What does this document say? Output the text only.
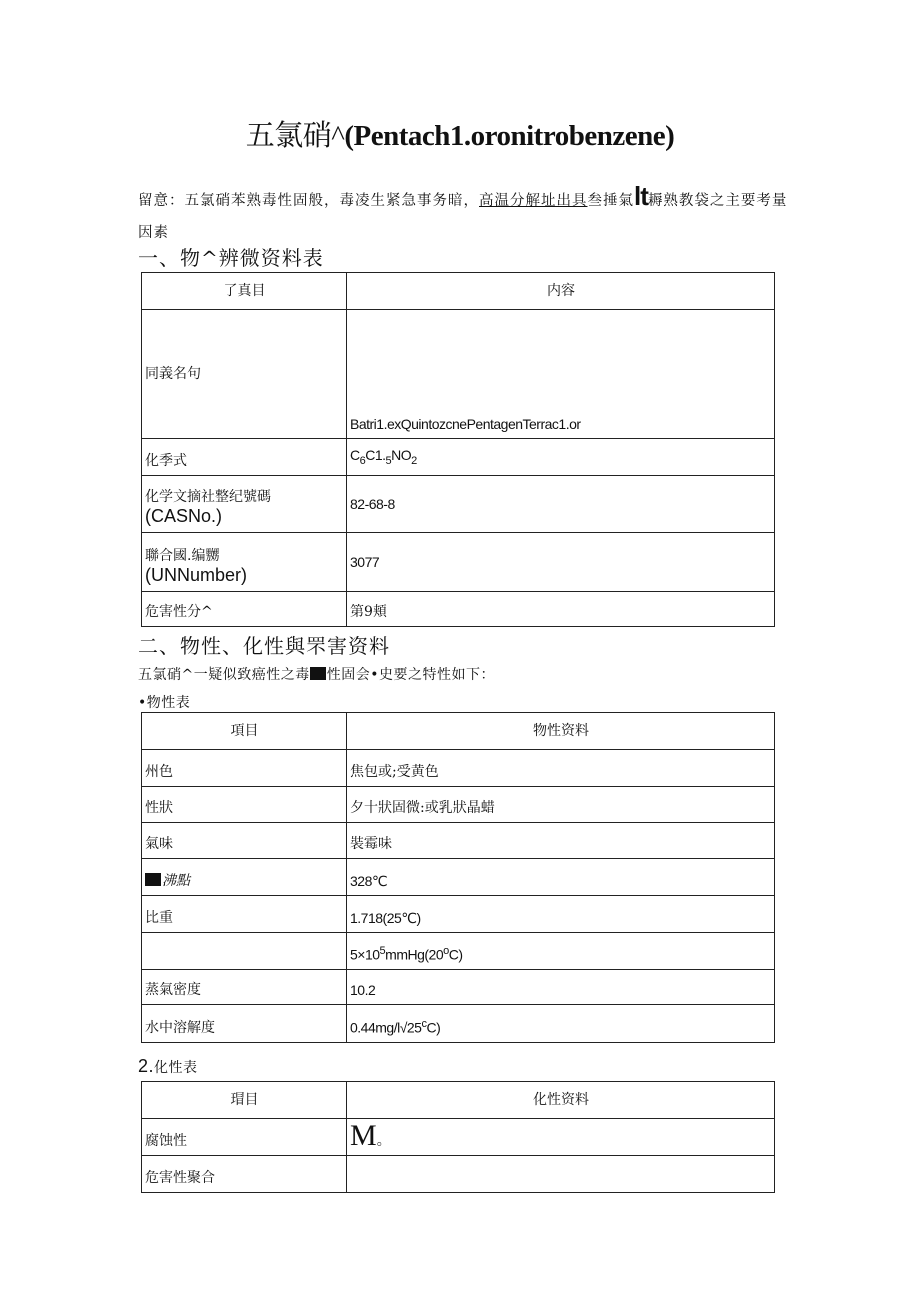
五氯硝^(Pentach1.oronitrobenzene)
留意：五氯硝苯熟毒性固般，毒凌生紧急事务暗，高温分解址出具叁捶氣lt耨熟教袋之主要考量因素
一、物^辨微资料表
了真目	内容
同義名句	Batri1.exQuintozcnePentagenTerrac1.or
化季式	$C_6C1._5NO_2$
化学文摘社整纪號碼
(CASNo.)	82-68-8
聯合國.编嬲
(UNNumber)	3077
危害性分^	第9頬
二、物性、化性與罘害资料
五氯硝^一疑似致癌性之毒 性固会•史要之特性如下：
•物性表
項目	物性资料
州色	焦包或;受黄色
性狀	夕十狀固微:或乳狀晶蜡
氣味	裝霉味
沸點	328℃
比重	1.718(25℃)
	$5\times 10^5mmHg(20^oC)$
蒸氣密度	10.2
水中溶解度	0.44mg/l√25$^c$C)
2.化性表
瑁目	化性资料
腐蚀性	M。
危害性聚合	
